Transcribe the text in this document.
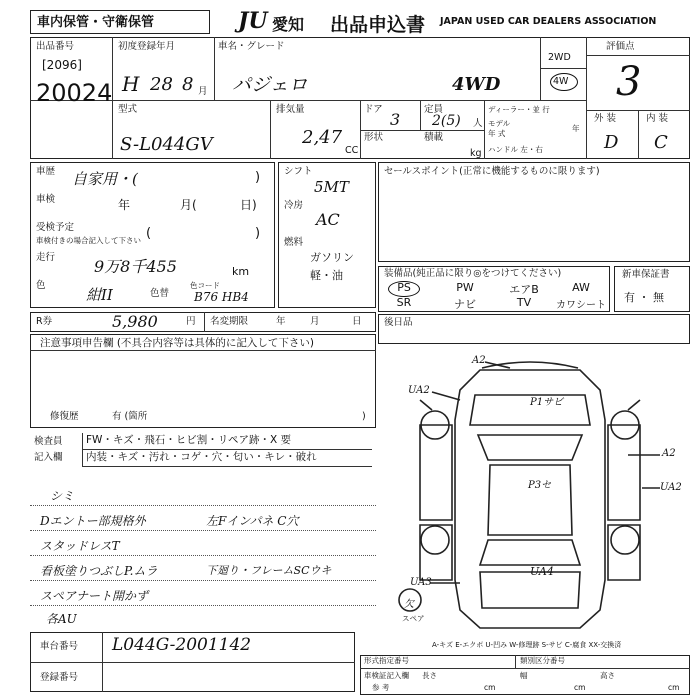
車内保管・守衛保管	JU 愛知 出品申込書 JAPAN USED CAR DEALERS ASSOCIATION
出品番号
[2096]
20024
初度登録年月
H 28 8 月
車名・グレード
パジェロ	4WD
2WD
4W
評価点
3
型式
S-L044GV
排気量
2,47
CC
ドア
3
定員
2(5) 人
形状	積載
kg
ディーラー・並 行
モデル
年 式
年
ハンドル 左・右
外 装	内 装
D C
車歴 自家用・(	)
車検	年	月(	日)
受検予定
車検付きの場合記入して下さい (	)
走行 9万8千455	km
色
紺II	色替
色コード
B76 HB4
シフト
5MT
冷房
AC
燃料
ガソリン
軽・油
セールスポイント(正常に機能するものに限ります)
装備品(純正品に限り◎をつけてください)
PS	PW	エアB	AW
SR	ナビ	TV	カワシート
新車保証書
有 ・ 無
R券	5,980	円 名変期限	年	月	日 後日品
注意事項申告欄 (不具合内容等は具体的に記入して下さい)
修復歴	有 (箇所	)
検査員
記入欄
FW・キズ・飛石・ヒビ割・リペア跡・X 要
内装・キズ・汚れ・コゲ・穴・匂い・キレ・破れ
シミ
Dエントー部規格外	左Fインパネ C穴
スタッドレスT
看板塗りつぶしP.ムラ	下廻り・フレームSCウキ
スペアナート開かず
各AU
A2
UA2
P1サビ
A2
UA2
P3セ
UA3
UA4
欠
スペア
A-キズ E-エクボ U-凹み W-修理跡 S-サビ C-腐食 XX-交換済
車台番号 L044G-2001142
登録番号
形式指定番号	類別区分番号
車検証記入欄 長さ	幅	高さ
cm	cm	cm
参 考
